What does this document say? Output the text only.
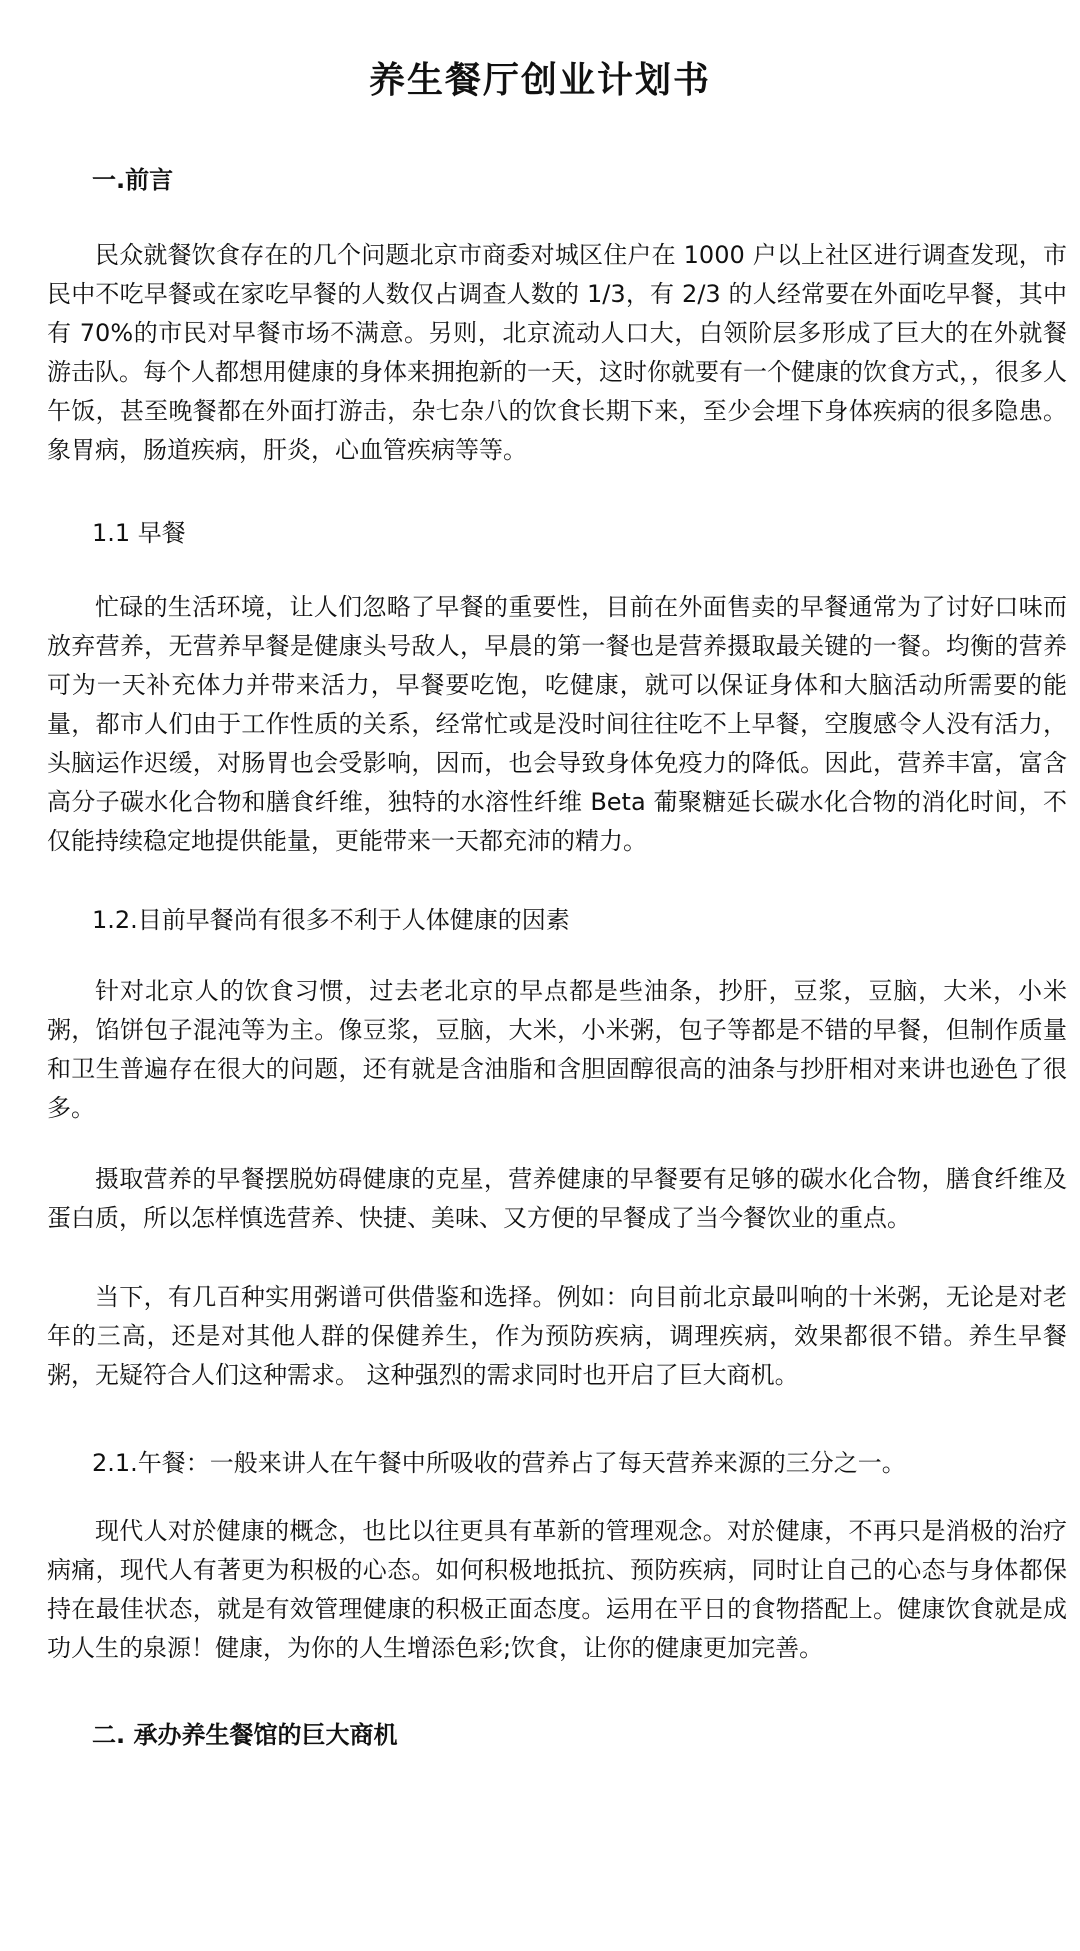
养生餐厅创业计划书
一.前言

民众就餐饮食存在的几个问题北京市商委对城区住户在 1000 户以上社区进行调查发现，市民中不吃早餐或在家吃早餐的人数仅占调查人数的 1/3，有 2/3 的人经常要在外面吃早餐，其中有 70%的市民对早餐市场不满意。另则，北京流动人口大，白领阶层多形成了巨大的在外就餐游击队。每个人都想用健康的身体来拥抱新的一天，这时你就要有一个健康的饮食方式，，很多人午饭，甚至晚餐都在外面打游击，杂七杂八的饮食长期下来，至少会埋下身体疾病的很多隐患。象胃病，肠道疾病，肝炎，心血管疾病等等。

1.1 早餐

忙碌的生活环境，让人们忽略了早餐的重要性，目前在外面售卖的早餐通常为了讨好口味而放弃营养，无营养早餐是健康头号敌人，早晨的第一餐也是营养摄取最关键的一餐。均衡的营养可为一天补充体力并带来活力，早餐要吃饱，吃健康，就可以保证身体和大脑活动所需要的能量，都市人们由于工作性质的关系，经常忙或是没时间往往吃不上早餐，空腹感令人没有活力，头脑运作迟缓，对肠胃也会受影响，因而，也会导致身体免疫力的降低。因此，营养丰富，富含高分子碳水化合物和膳食纤维，独特的水溶性纤维 Beta 葡聚糖延长碳水化合物的消化时间，不仅能持续稳定地提供能量，更能带来一天都充沛的精力。

1.2.目前早餐尚有很多不利于人体健康的因素

针对北京人的饮食习惯，过去老北京的早点都是些油条，抄肝，豆浆，豆脑，大米，小米粥，馅饼包子混沌等为主。像豆浆，豆脑，大米，小米粥，包子等都是不错的早餐，但制作质量和卫生普遍存在很大的问题，还有就是含油脂和含胆固醇很高的油条与抄肝相对来讲也逊色了很多。

摄取营养的早餐摆脱妨碍健康的克星，营养健康的早餐要有足够的碳水化合物，膳食纤维及蛋白质，所以怎样慎选营养、快捷、美味、又方便的早餐成了当今餐饮业的重点。

当下，有几百种实用粥谱可供借鉴和选择。例如：向目前北京最叫响的十米粥，无论是对老年的三高，还是对其他人群的保健养生，作为预防疾病，调理疾病，效果都很不错。养生早餐粥，无疑符合人们这种需求。 这种强烈的需求同时也开启了巨大商机。

2.1.午餐：一般来讲人在午餐中所吸收的营养占了每天营养来源的三分之一。

现代人对於健康的概念，也比以往更具有革新的管理观念。对於健康，不再只是消极的治疗病痛，现代人有著更为积极的心态。如何积极地抵抗、预防疾病，同时让自己的心态与身体都保持在最佳状态，就是有效管理健康的积极正面态度。运用在平日的食物搭配上。健康饮食就是成功人生的泉源！健康，为你的人生增添色彩;饮食，让你的健康更加完善。

二. 承办养生餐馆的巨大商机
